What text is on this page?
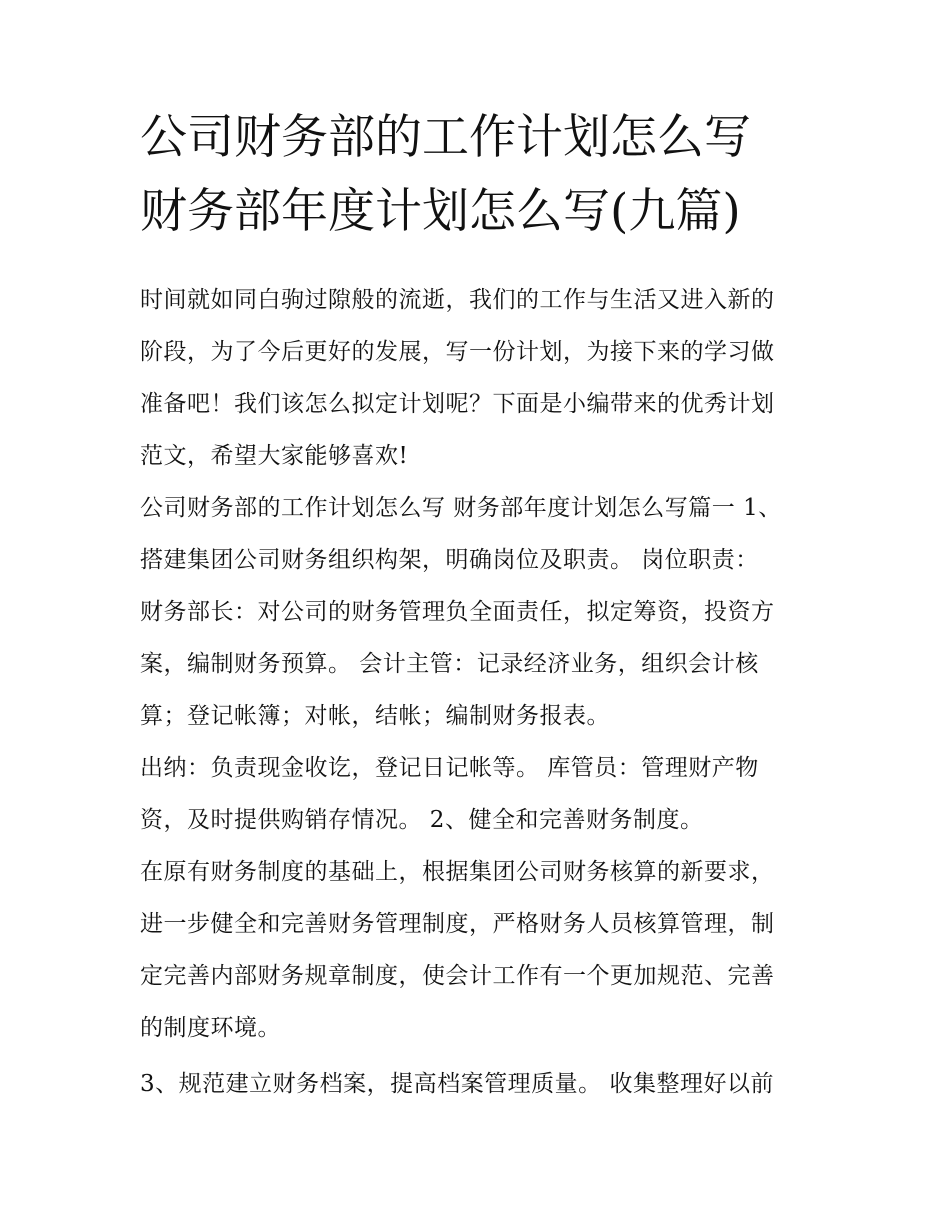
公司财务部的工作计划怎么写
财务部年度计划怎么写(九篇)
时间就如同白驹过隙般的流逝，我们的工作与生活又进入新的
阶段，为了今后更好的发展，写一份计划，为接下来的学习做
准备吧！我们该怎么拟定计划呢？下面是小编带来的优秀计划
范文，希望大家能够喜欢!
公司财务部的工作计划怎么写 财务部年度计划怎么写篇一 1、
搭建集团公司财务组织构架，明确岗位及职责。 岗位职责：
财务部长：对公司的财务管理负全面责任，拟定筹资，投资方
案，编制财务预算。 会计主管：记录经济业务，组织会计核
算；登记帐簿；对帐，结帐；编制财务报表。
出纳：负责现金收讫，登记日记帐等。 库管员：管理财产物
资，及时提供购销存情况。 2、健全和完善财务制度。
在原有财务制度的基础上，根据集团公司财务核算的新要求，
进一步健全和完善财务管理制度，严格财务人员核算管理，制
定完善内部财务规章制度，使会计工作有一个更加规范、完善
的制度环境。
3、规范建立财务档案，提高档案管理质量。 收集整理好以前
